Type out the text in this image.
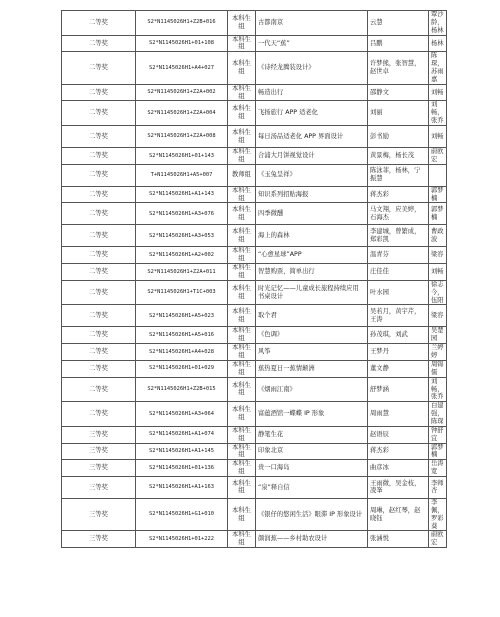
二等奖	S2*N1145026H1+Z2B+016	本科生组	古都南京	云慧	覃沙龄，杨林
二等奖	S2*N1145026H1+01+108	本科生组	一代天“蕉”	吕鹏	杨林
二等奖	S2*N1145026H1+A4+027	本科生组	《诗经龙腾装设计》	许梦熊，张智慧，赵世卓	陈琛，苏雨嘉
二等奖	S2*N1145026H1+Z2A+002	本科生组	畅造出行	邵静文	刘畅
二等奖	S2*N1145026H1+Z2A+004	本科生组	飞扬旅行 APP 适老化	刘丽	刘畅，张乔
二等奖	S2*N1145026H1+Z2A+008	本科生组	每日汤品适老化 APP 界面设计	彭书励	刘畅
二等奖	S2*N1145026H1+01+143	本科生组	合浦大月饼视觉设计	黄景梅，杨长茂	蔚欧宏
二等奖	T+N1145026H1+A5+007	教师组	《玉兔呈祥》	陈泳菲，杨林，宁振慧	
二等奖	S2*N1145026H1+A1+143	本科生组	知识系列招贴海报	蒋杰彩	郭梦楠
二等奖	S2*N1145026H1+A3+076	本科生组	四季微醺	马文翔，应美婷，石海杰	郭梦楠
二等奖	S2*N1145026H1+A3+053	本科生组	海上的森林	李建城，曾繁成，郑彩凯	曹政波
二等奖	S2*N1145026H1+A2+002	本科生组	“心愈星球”APP	温青芬	梁容
二等奖	S2*N1145026H1+Z2A+011	本科生组	智慧购票，简单出行	庄佳佳	刘畅
二等奖	S2*N1145026H1+T1C+003	本科生组	时光记忆——儿童成长旅程持续应用书桌设计	叶水园	徐志今，伍阳
二等奖	S2*N1145026H1+A5+023	本科生组	取个君	吴若月，黄宇芹，王涛	梁容
二等奖	S2*N1145026H1+A5+016	本科生组	《色调》	孙茂琪，刘武	吴楚园
二等奖	S2*N1145026H1+A4+028	本科生组	风筝	王梦丹	兰婷婷
二等奖	S2*N1145026H1+01+029	本科生组	蕉热夏日一蕉情颠洲	董文静	周锦儒
二等奖	S2*N1145026H1+Z2B+015	本科生组	《烟雨江南》	舒梦涵	刘畅，张乔
二等奖	S2*N1145026H1+A3+064	本科生组	富蕴酒馆一蝶蝶 IP 形象	周雨慧	白建强，陈琛
三等奖	S2*N1145026H1+A1+074	本科生组	静笔生花	赵语辰	钟舒宜
三等奖	S2*N1145026H1+A1+145	本科生组	印象北京	蒋杰彩	郭梦楠
三等奖	S2*N1145026H1+01+136	本科生组	贵一口海岛	曲彦冰	岳涛宽
三等奖	S2*N1145026H1+A1+163	本科生组	“泉”释自信	王雨微，吴金枝，凌峯	李师杏
三等奖	S2*N1145026H1+G1+010	本科生组	《银仔的悠闲生活》眼滞 IP 形象设计	周琳，赵红琴，赵晓钰	李佩，罗彩葵
三等奖	S2*N1145026H1+01+222	本科生组	颜润蕉——乡村助农设计	张涵悦	蔚欧宏
